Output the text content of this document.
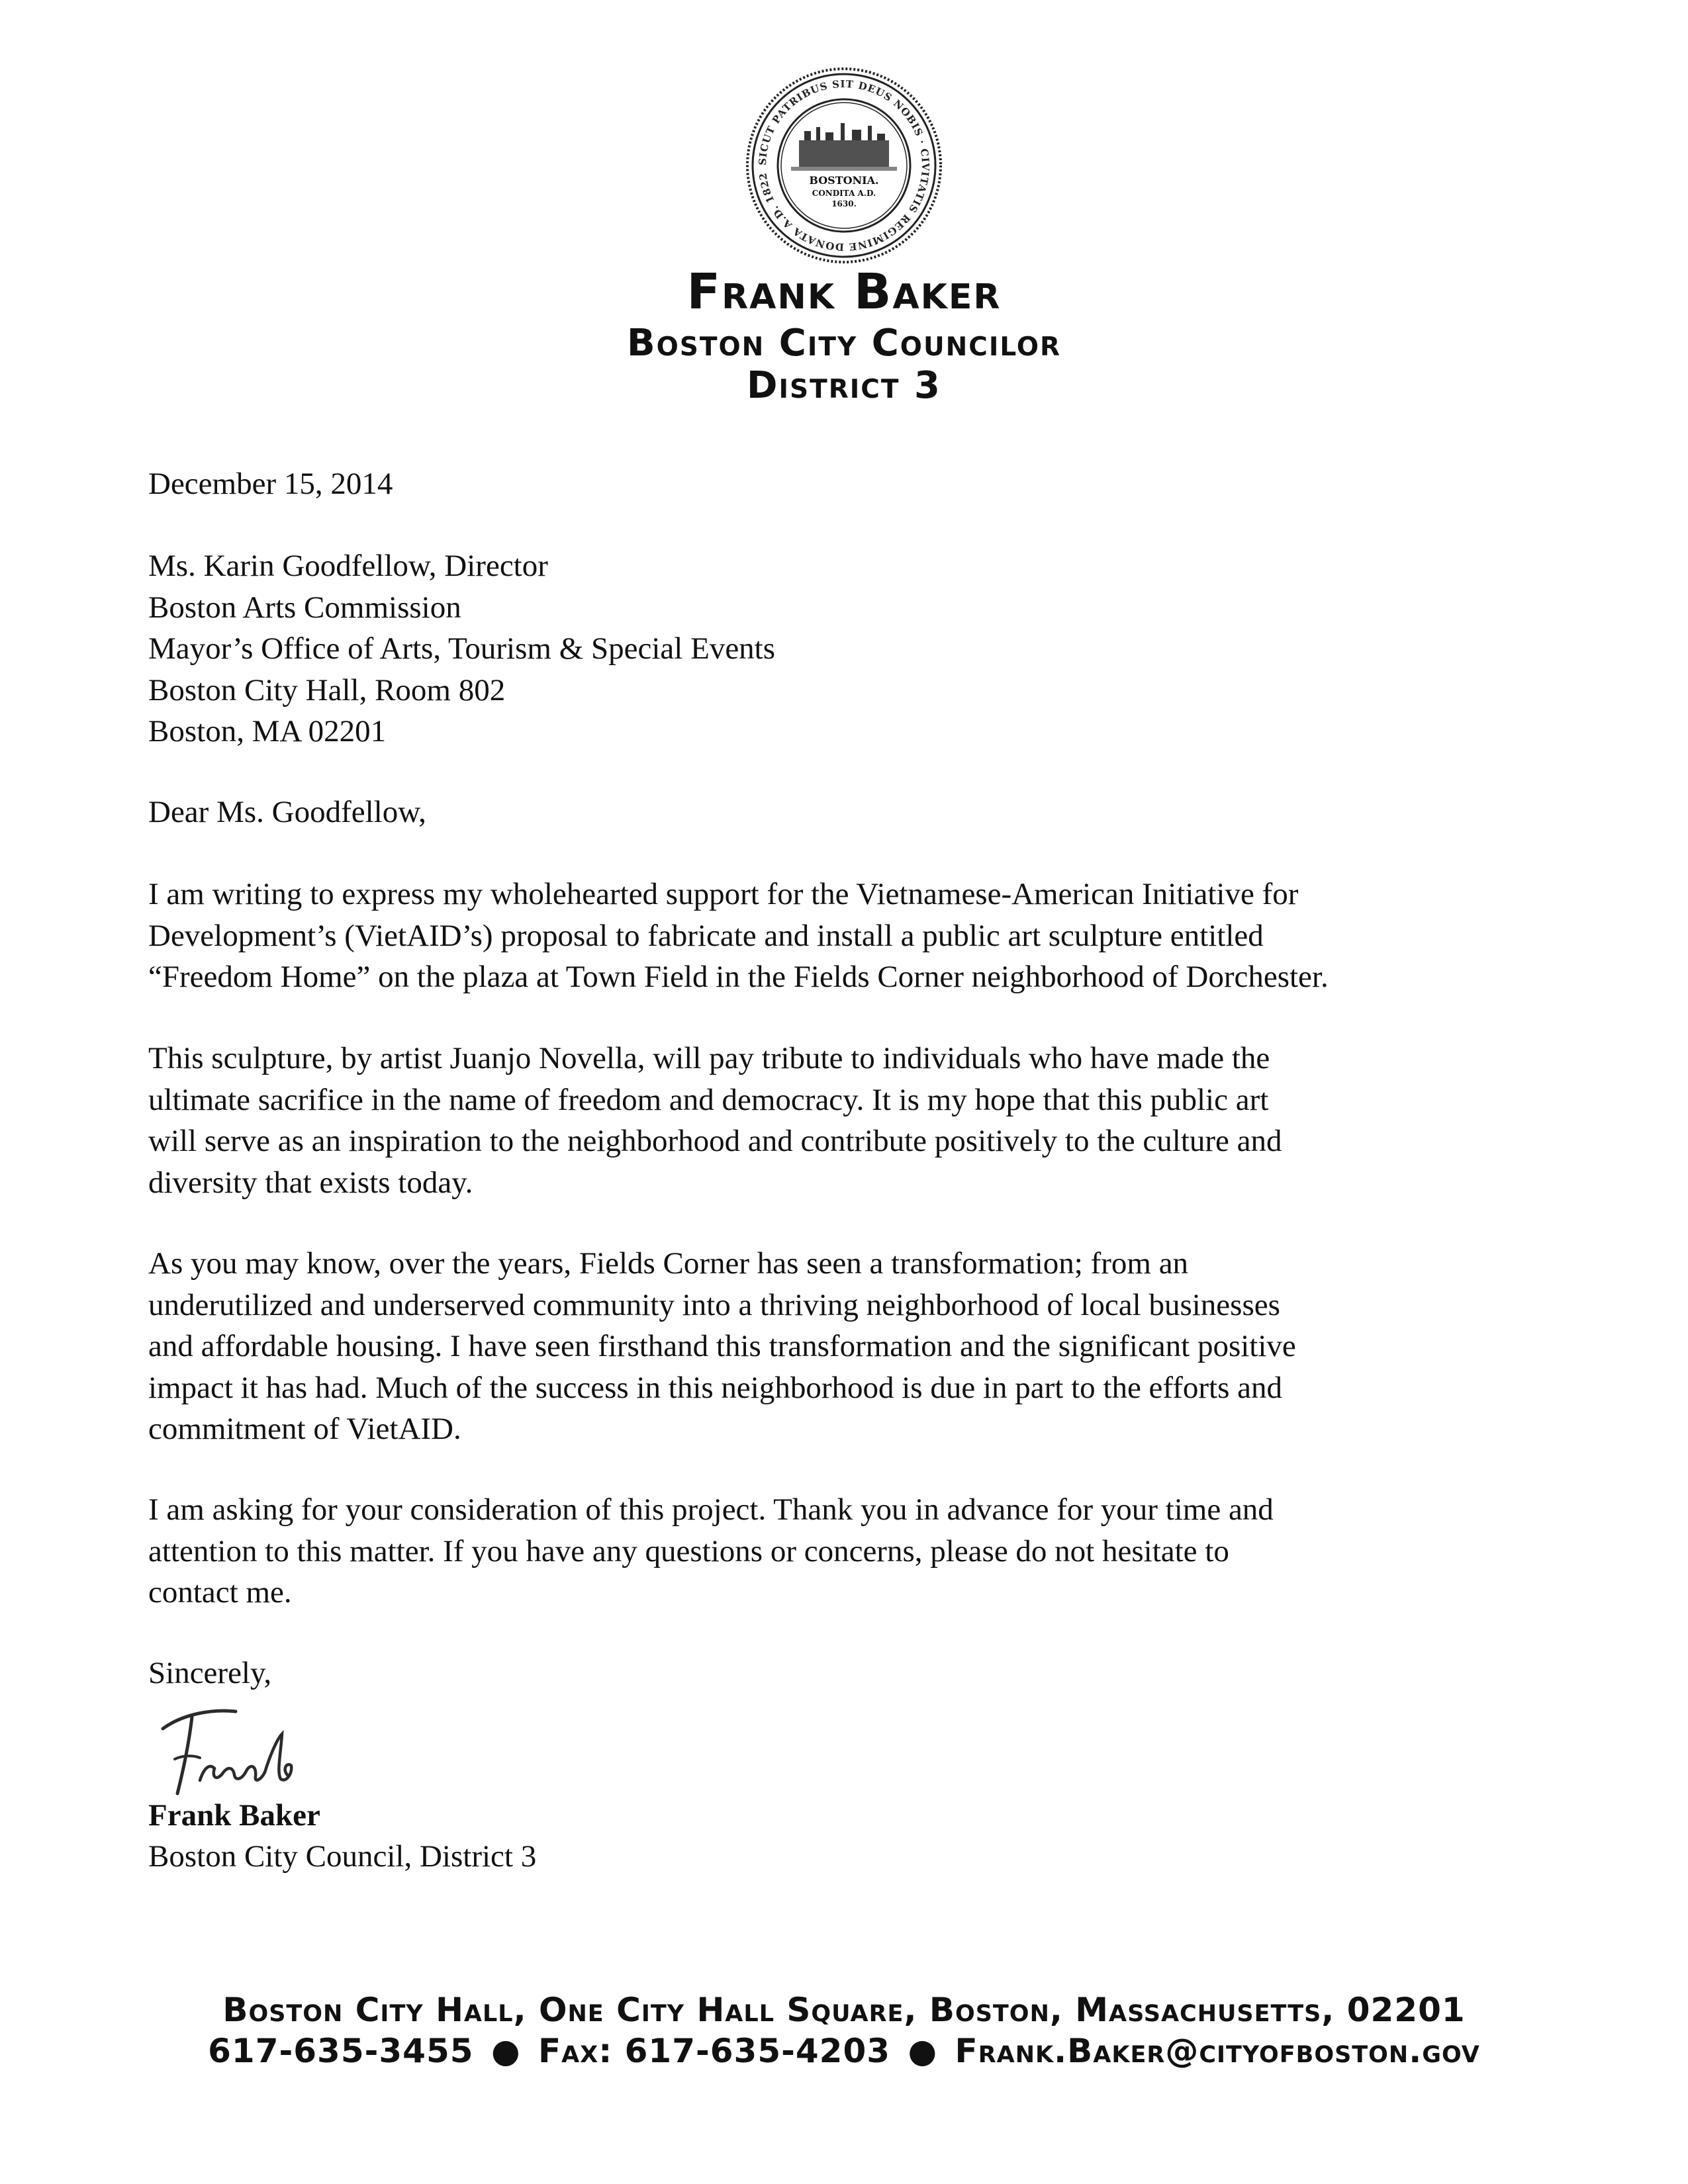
SICUT PATRIBUS SIT DEUS NOBIS · CIVITATIS REGIMINE DONATA A.D. 1822	BOSTONIA.
CONDITA A.D.
1630.
Frank Baker
Boston City Councilor
District 3
December 15, 2014

Ms. Karin Goodfellow, Director

Boston Arts Commission

Mayor’s Office of Arts, Tourism & Special Events

Boston City Hall, Room 802

Boston, MA 02201

Dear Ms. Goodfellow,

I am writing to express my wholehearted support for the Vietnamese-American Initiative for

Development’s (VietAID’s) proposal to fabricate and install a public art sculpture entitled

“Freedom Home” on the plaza at Town Field in the Fields Corner neighborhood of Dorchester.

This sculpture, by artist Juanjo Novella, will pay tribute to individuals who have made the

ultimate sacrifice in the name of freedom and democracy. It is my hope that this public art

will serve as an inspiration to the neighborhood and contribute positively to the culture and

diversity that exists today.

As you may know, over the years, Fields Corner has seen a transformation; from an

underutilized and underserved community into a thriving neighborhood of local businesses

and affordable housing. I have seen firsthand this transformation and the significant positive

impact it has had. Much of the success in this neighborhood is due in part to the efforts and

commitment of VietAID.

I am asking for your consideration of this project. Thank you in advance for your time and

attention to this matter. If you have any questions or concerns, please do not hesitate to

contact me.

Sincerely,
Frank Baker
Boston City Council, District 3
Boston City Hall, One City Hall Square, Boston, Massachusetts, 02201
617-635-3455 ● Fax: 617-635-4203 ● Frank.Baker@cityofboston.gov
